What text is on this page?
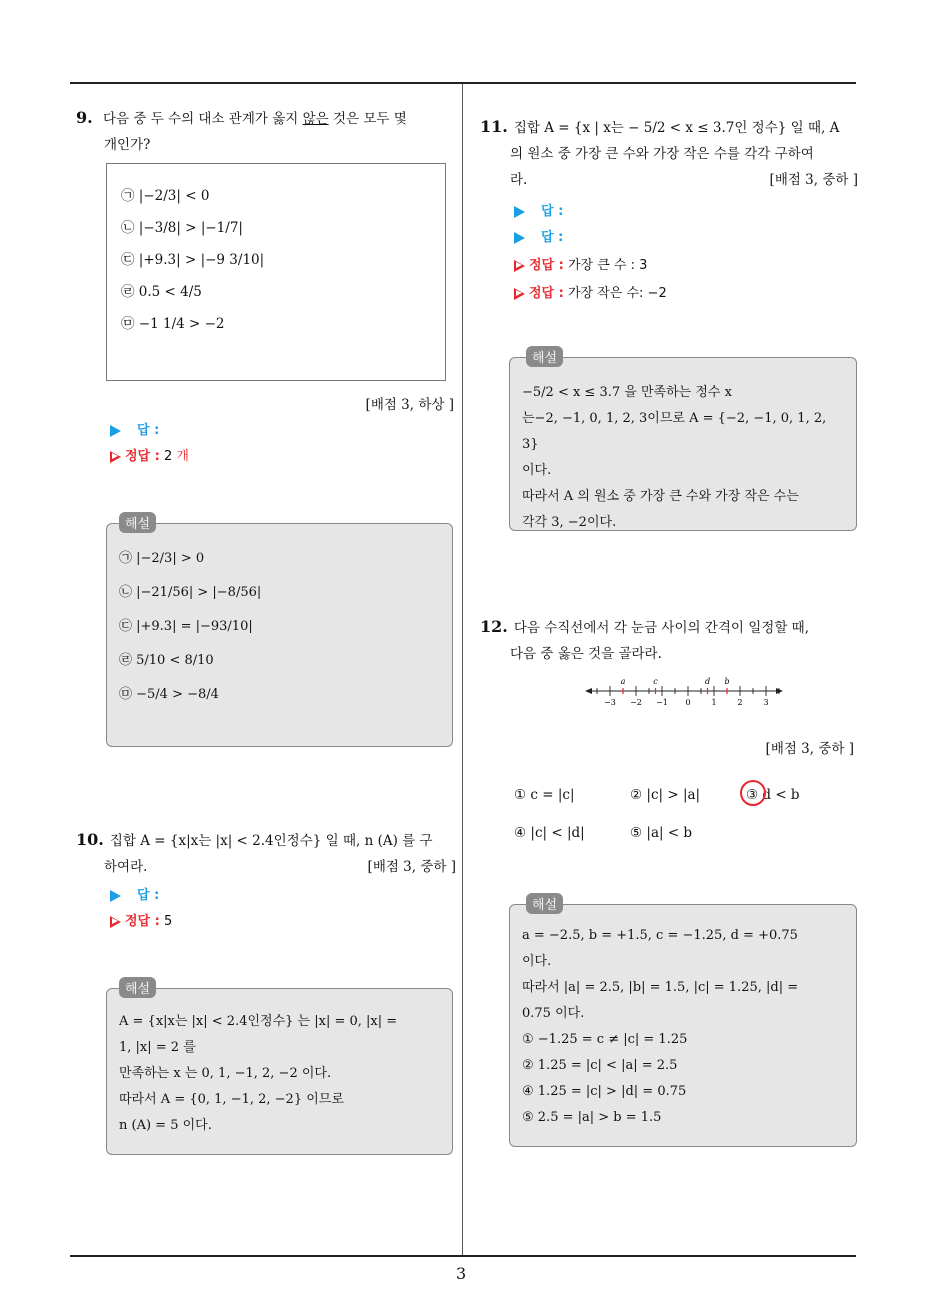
3
9. 다음 중 두 수의 대소 관계가 옳지 않은 것은 모두 몇
개인가?
㉠ |−2/3| < 0
㉡ |−3/8| > |−1/7|
㉢ |+9.3| > |−9 3/10|
㉣ 0.5 < 4/5
㉤ −1 1/4 > −2
[배점 3, 하상 ]
답 :
정답 : 2 개
해설
㉠ |−2/3| > 0
㉡ |−21/56| > |−8/56|
㉢ |+9.3| = |−93/10|
㉣ 5/10 < 8/10
㉤ −5/4 > −8/4
10. 집합 A = {x|x는 |x| < 2.4인정수} 일 때, n (A) 를 구
하여라.	[배점 3, 중하 ]
답 :
정답 : 5
해설
A = {x|x는 |x| < 2.4인정수} 는 |x| = 0, |x| =
1, |x| = 2 를
만족하는 x 는 0, 1, −1, 2, −2 이다.
따라서 A = {0, 1, −1, 2, −2} 이므로
n (A) = 5 이다.
11. 집합 A = {x | x는 − 5/2 < x ≤ 3.7인 정수} 일 때, A
의 원소 중 가장 큰 수와 가장 작은 수를 각각 구하여
라.	[배점 3, 중하 ]
답 :
답 :
정답 : 가장 큰 수 : 3
정답 : 가장 작은 수: −2
해설
−5/2 < x ≤ 3.7 을 만족하는 정수 x
는−2, −1, 0, 1, 2, 3이므로 A = {−2, −1, 0, 1, 2, 3}
이다.
따라서 A 의 원소 중 가장 큰 수와 가장 작은 수는
각각 3, −2이다.
12. 다음 수직선에서 각 눈금 사이의 간격이 일정할 때,
다음 중 옳은 것을 골라라.
−3 −2 −1 0	1	2	3
a	c	d b
[배점 3, 중하 ]
① c = |c|	② |c| > |a|	③ d < b
④ |c| < |d|	⑤ |a| < b
해설
a = −2.5, b = +1.5, c = −1.25, d = +0.75
이다.
따라서 |a| = 2.5, |b| = 1.5, |c| = 1.25, |d| =
0.75 이다.
① −1.25 = c ≠ |c| = 1.25
② 1.25 = |c| < |a| = 2.5
④ 1.25 = |c| > |d| = 0.75
⑤ 2.5 = |a| > b = 1.5
